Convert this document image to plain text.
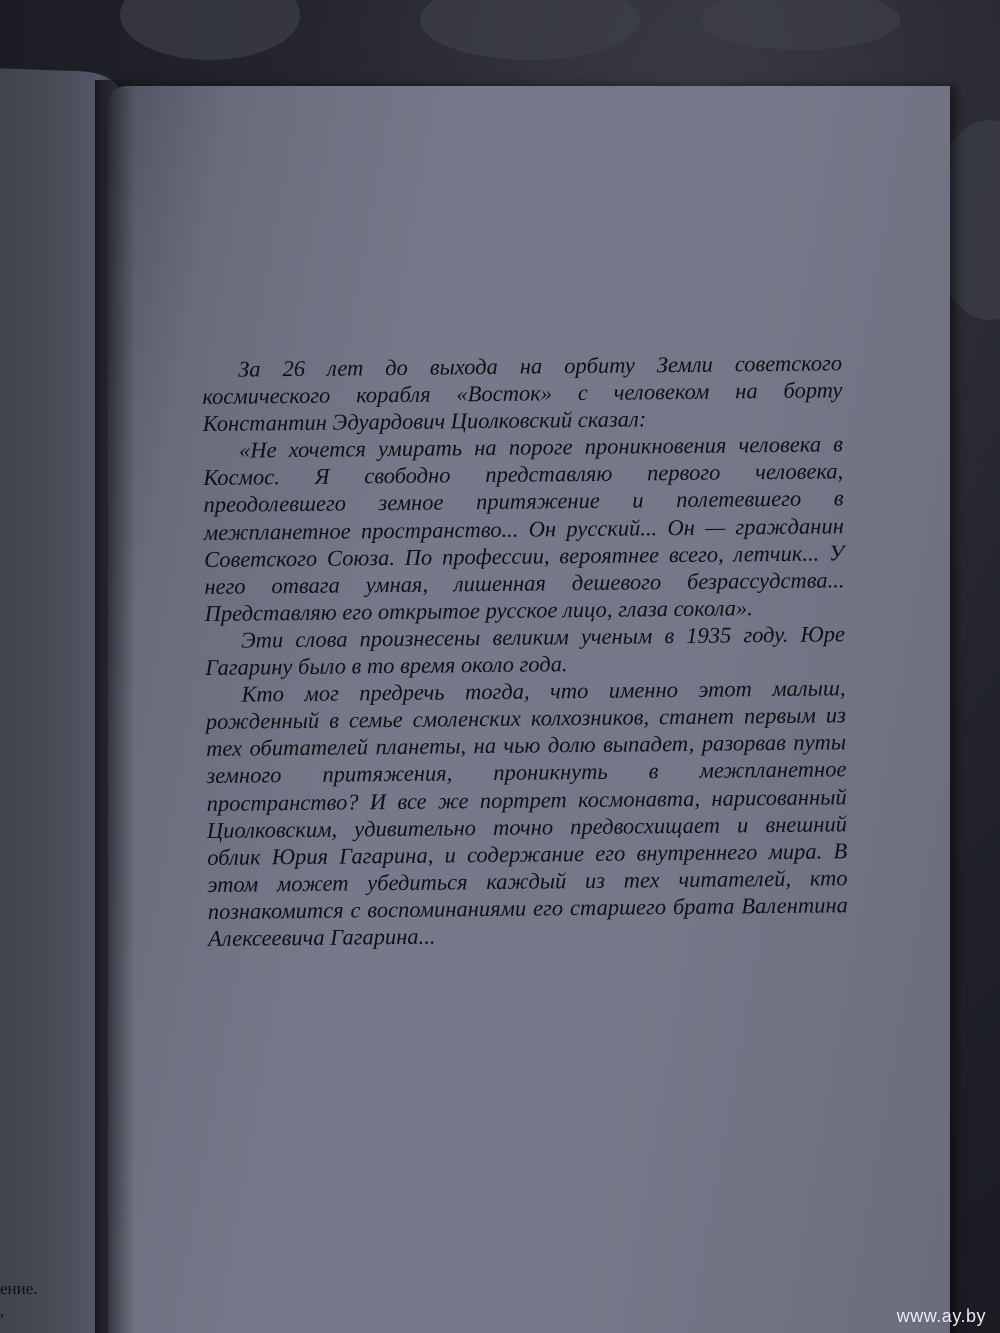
ение.
,

За 26 лет до выхода на орбиту Земли советского космического корабля «Восток» с человеком на борту Константин Эдуардович Циолковский сказал:

«Не хочется умирать на пороге проникновения человека в Космос. Я свободно представляю первого человека, преодолевшего земное притяжение и полетевшего в межпланетное пространство... Он русский... Он — гражданин Советского Союза. По профессии, вероятнее всего, летчик... У него отвага умная, лишенная дешевого безрассудства... Представляю его открытое русское лицо, глаза сокола».

Эти слова произнесены великим ученым в 1935 году. Юре Гагарину было в то время около года.

Кто мог предречь тогда, что именно этот малыш, рожденный в семье смоленских колхозников, станет первым из тех обитателей планеты, на чью долю выпадет, разорвав путы земного притяжения, проникнуть в межпланетное пространство? И все же портрет космонавта, нарисованный Циолковским, удивительно точно предвосхищает и внешний облик Юрия Гагарина, и содержание его внутреннего мира. В этом может убедиться каждый из тех читателей, кто познакомится с воспоминаниями его старшего брата Валентина Алексеевича Гагарина...

www.ay.by
